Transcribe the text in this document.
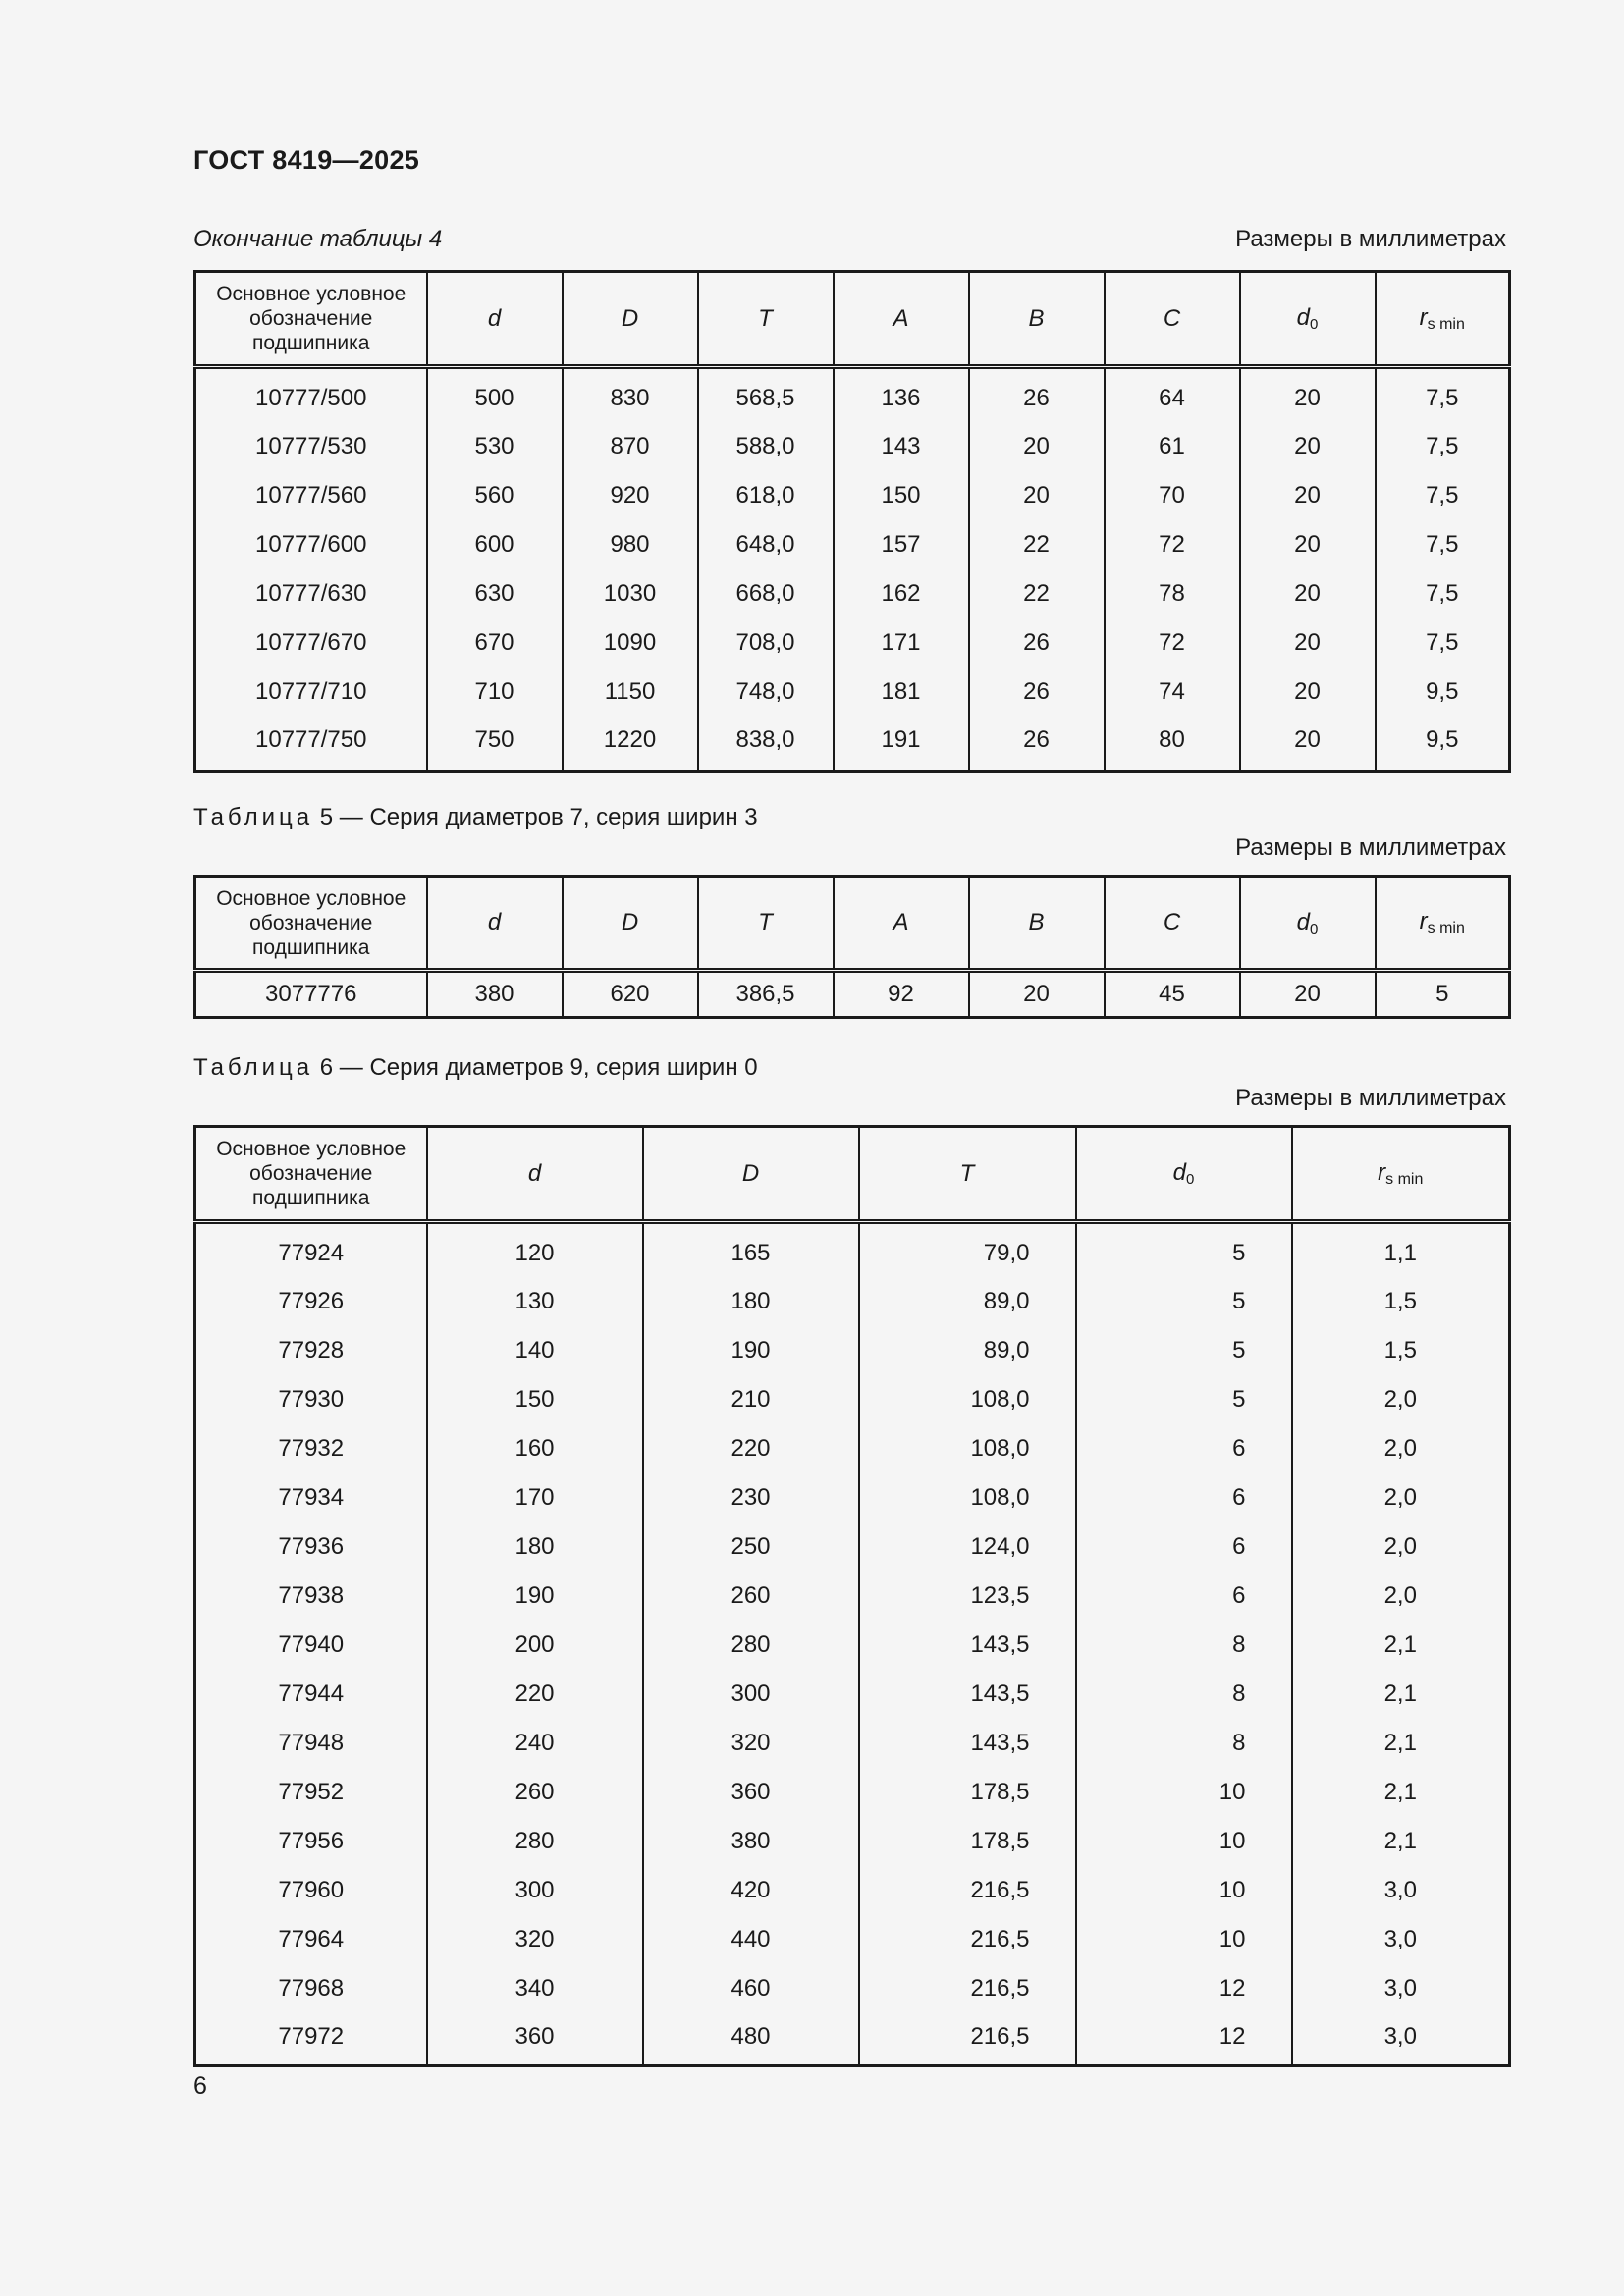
ГОСТ 8419—2025
Окончание таблицы 4	Размеры в миллиметрах
Основное условное обозначение подшипника	d	D	T	A	B	C	$d_0$	$r_{s min}$
10777/500	500	830	568,5	136	26	64	20	7,5
10777/530	530	870	588,0	143	20	61	20	7,5
10777/560	560	920	618,0	150	20	70	20	7,5
10777/600	600	980	648,0	157	22	72	20	7,5
10777/630	630	1030	668,0	162	22	78	20	7,5
10777/670	670	1090	708,0	171	26	72	20	7,5
10777/710	710	1150	748,0	181	26	74	20	9,5
10777/750	750	1220	838,0	191	26	80	20	9,5
Таблица 5 — Серия диаметров 7, серия ширин 3
Размеры в миллиметрах
Основное условное обозначение подшипника	d	D	T	A	B	C	$d_0$	$r_{s min}$
3077776	380	620	386,5	92	20	45	20	5
Таблица 6 — Серия диаметров 9, серия ширин 0
Размеры в миллиметрах
Основное условное обозначение подшипника	d	D	T	$d_0$	$r_{s min}$
77924	120	165	79,0	5	1,1
77926	130	180	89,0	5	1,5
77928	140	190	89,0	5	1,5
77930	150	210	108,0	5	2,0
77932	160	220	108,0	6	2,0
77934	170	230	108,0	6	2,0
77936	180	250	124,0	6	2,0
77938	190	260	123,5	6	2,0
77940	200	280	143,5	8	2,1
77944	220	300	143,5	8	2,1
77948	240	320	143,5	8	2,1
77952	260	360	178,5	10	2,1
77956	280	380	178,5	10	2,1
77960	300	420	216,5	10	3,0
77964	320	440	216,5	10	3,0
77968	340	460	216,5	12	3,0
77972	360	480	216,5	12	3,0
6
